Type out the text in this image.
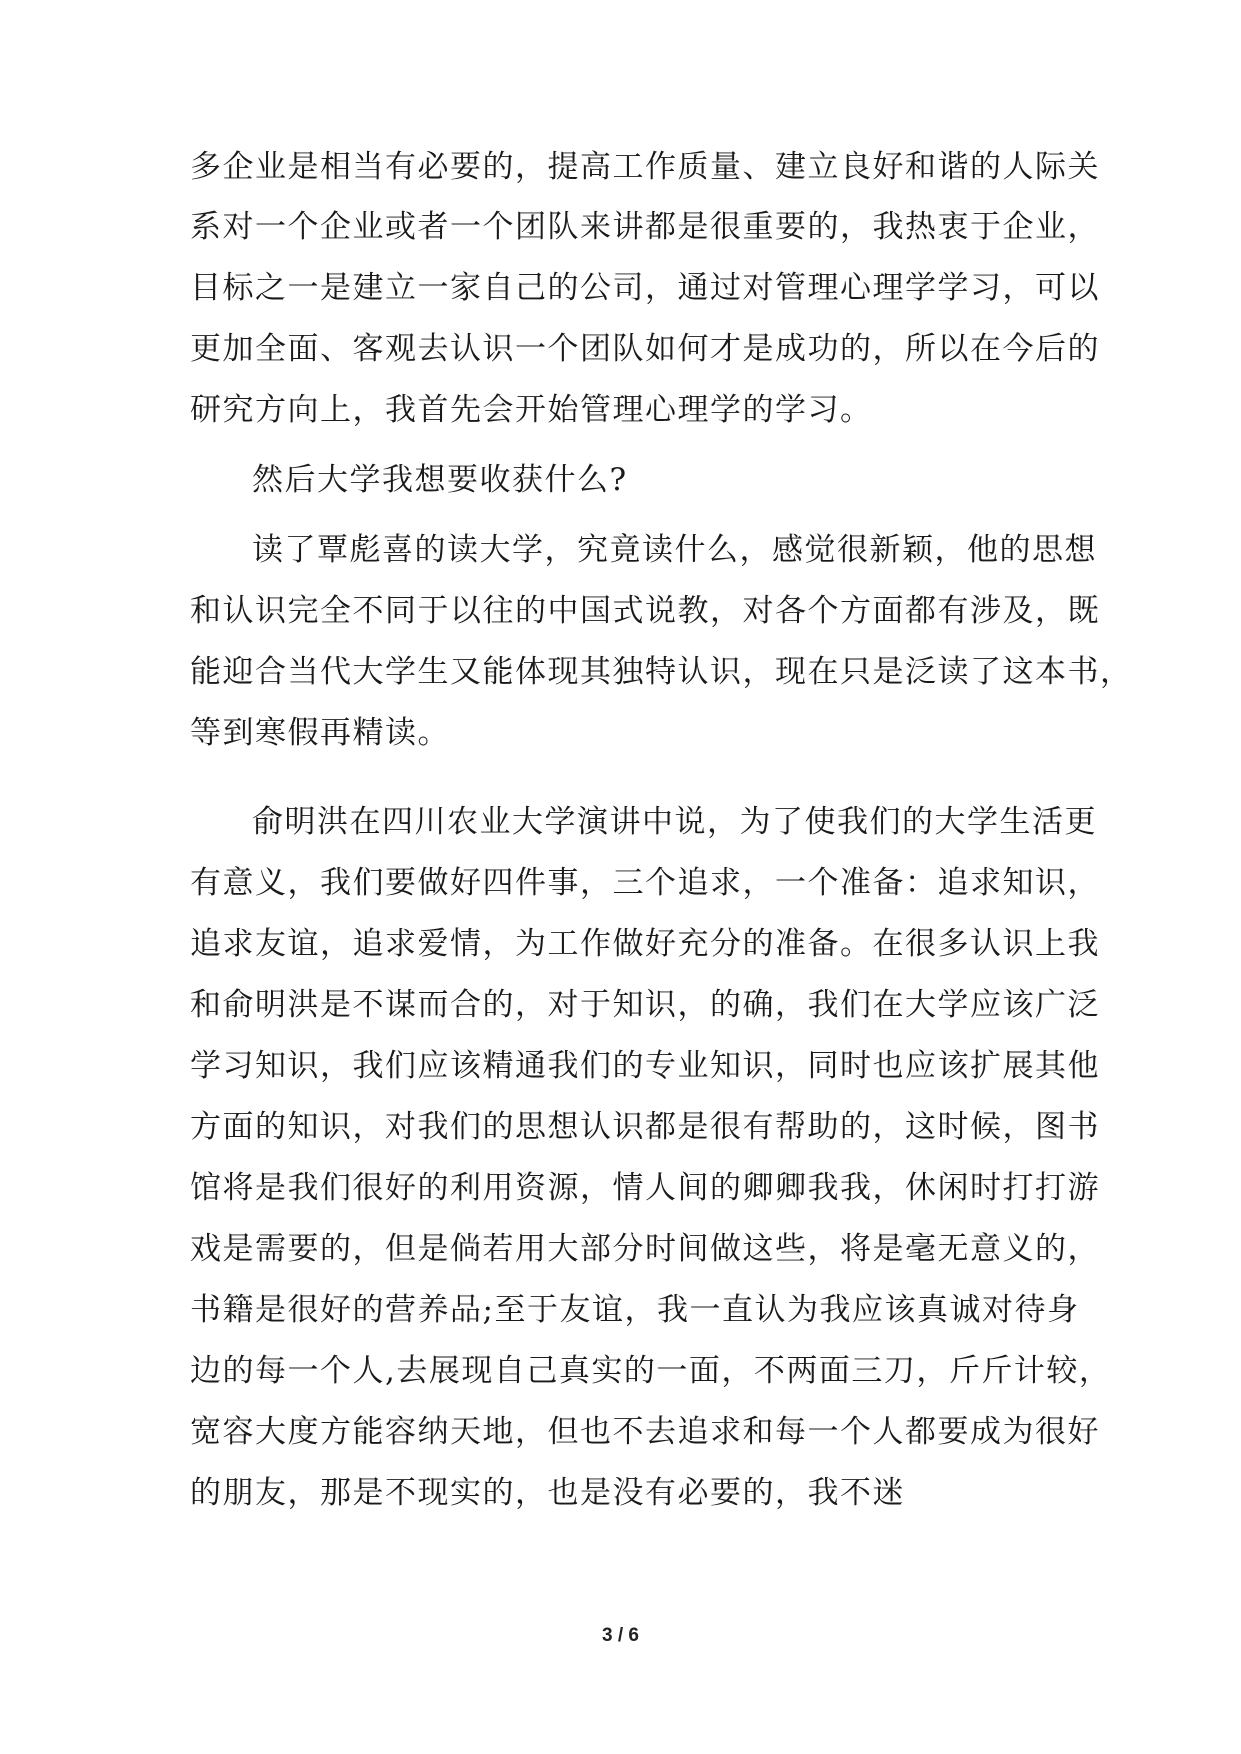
多企业是相当有必要的，提高工作质量、建立良好和谐的人际关
系对一个企业或者一个团队来讲都是很重要的，我热衷于企业，
目标之一是建立一家自己的公司，通过对管理心理学学习，可以
更加全面、客观去认识一个团队如何才是成功的，所以在今后的
研究方向上，我首先会开始管理心理学的学习。
然后大学我想要收获什么?
读了覃彪喜的读大学，究竟读什么，感觉很新颖，他的思想
和认识完全不同于以往的中国式说教，对各个方面都有涉及，既
能迎合当代大学生又能体现其独特认识，现在只是泛读了这本书，
等到寒假再精读。
俞明洪在四川农业大学演讲中说，为了使我们的大学生活更
有意义，我们要做好四件事，三个追求，一个准备：追求知识，
追求友谊，追求爱情，为工作做好充分的准备。在很多认识上我
和俞明洪是不谋而合的，对于知识，的确，我们在大学应该广泛
学习知识，我们应该精通我们的专业知识，同时也应该扩展其他
方面的知识，对我们的思想认识都是很有帮助的，这时候，图书
馆将是我们很好的利用资源，情人间的卿卿我我，休闲时打打游
戏是需要的，但是倘若用大部分时间做这些，将是毫无意义的，
书籍是很好的营养品;至于友谊，我一直认为我应该真诚对待身
边的每一个人,去展现自己真实的一面，不两面三刀，斤斤计较，
宽容大度方能容纳天地，但也不去追求和每一个人都要成为很好
的朋友，那是不现实的，也是没有必要的，我不迷
3 / 6
